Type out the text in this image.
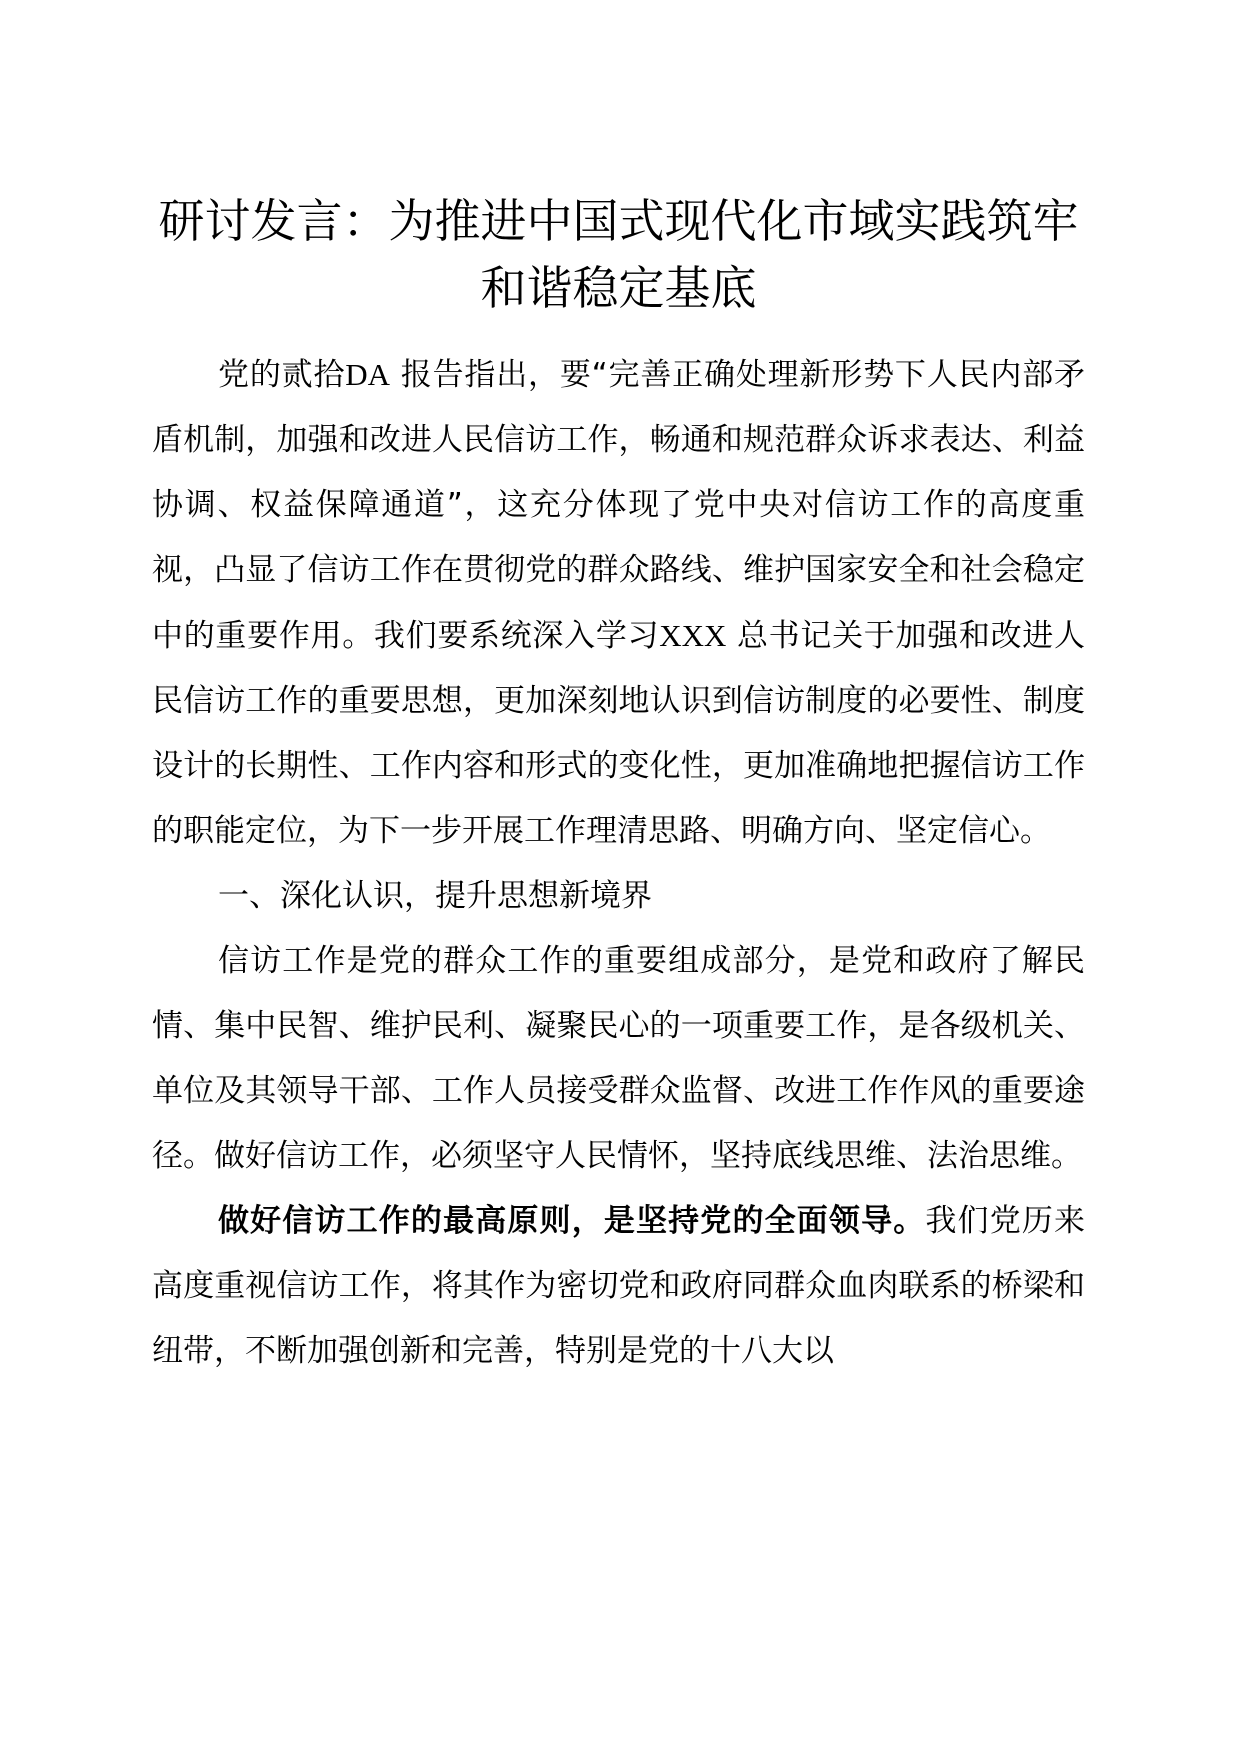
研讨发言：为推进中国式现代化市域实践筑牢和谐稳定基底

党的贰拾DA 报告指出，要“完善正确处理新形势下人民内部矛盾机制，加强和改进人民信访工作，畅通和规范群众诉求表达、利益协调、权益保障通道”，这充分体现了党中央对信访工作的高度重视，凸显了信访工作在贯彻党的群众路线、维护国家安全和社会稳定中的重要作用。我们要系统深入学习XXX 总书记关于加强和改进人民信访工作的重要思想，更加深刻地认识到信访制度的必要性、制度设计的长期性、工作内容和形式的变化性，更加准确地把握信访工作的职能定位，为下一步开展工作理清思路、明确方向、坚定信心。

一、深化认识，提升思想新境界

信访工作是党的群众工作的重要组成部分，是党和政府了解民情、集中民智、维护民利、凝聚民心的一项重要工作，是各级机关、单位及其领导干部、工作人员接受群众监督、改进工作作风的重要途径。做好信访工作，必须坚守人民情怀，坚持底线思维、法治思维。

做好信访工作的最高原则，是坚持党的全面领导。我们党历来高度重视信访工作，将其作为密切党和政府同群众血肉联系的桥梁和纽带，不断加强创新和完善，特别是党的十八大以
